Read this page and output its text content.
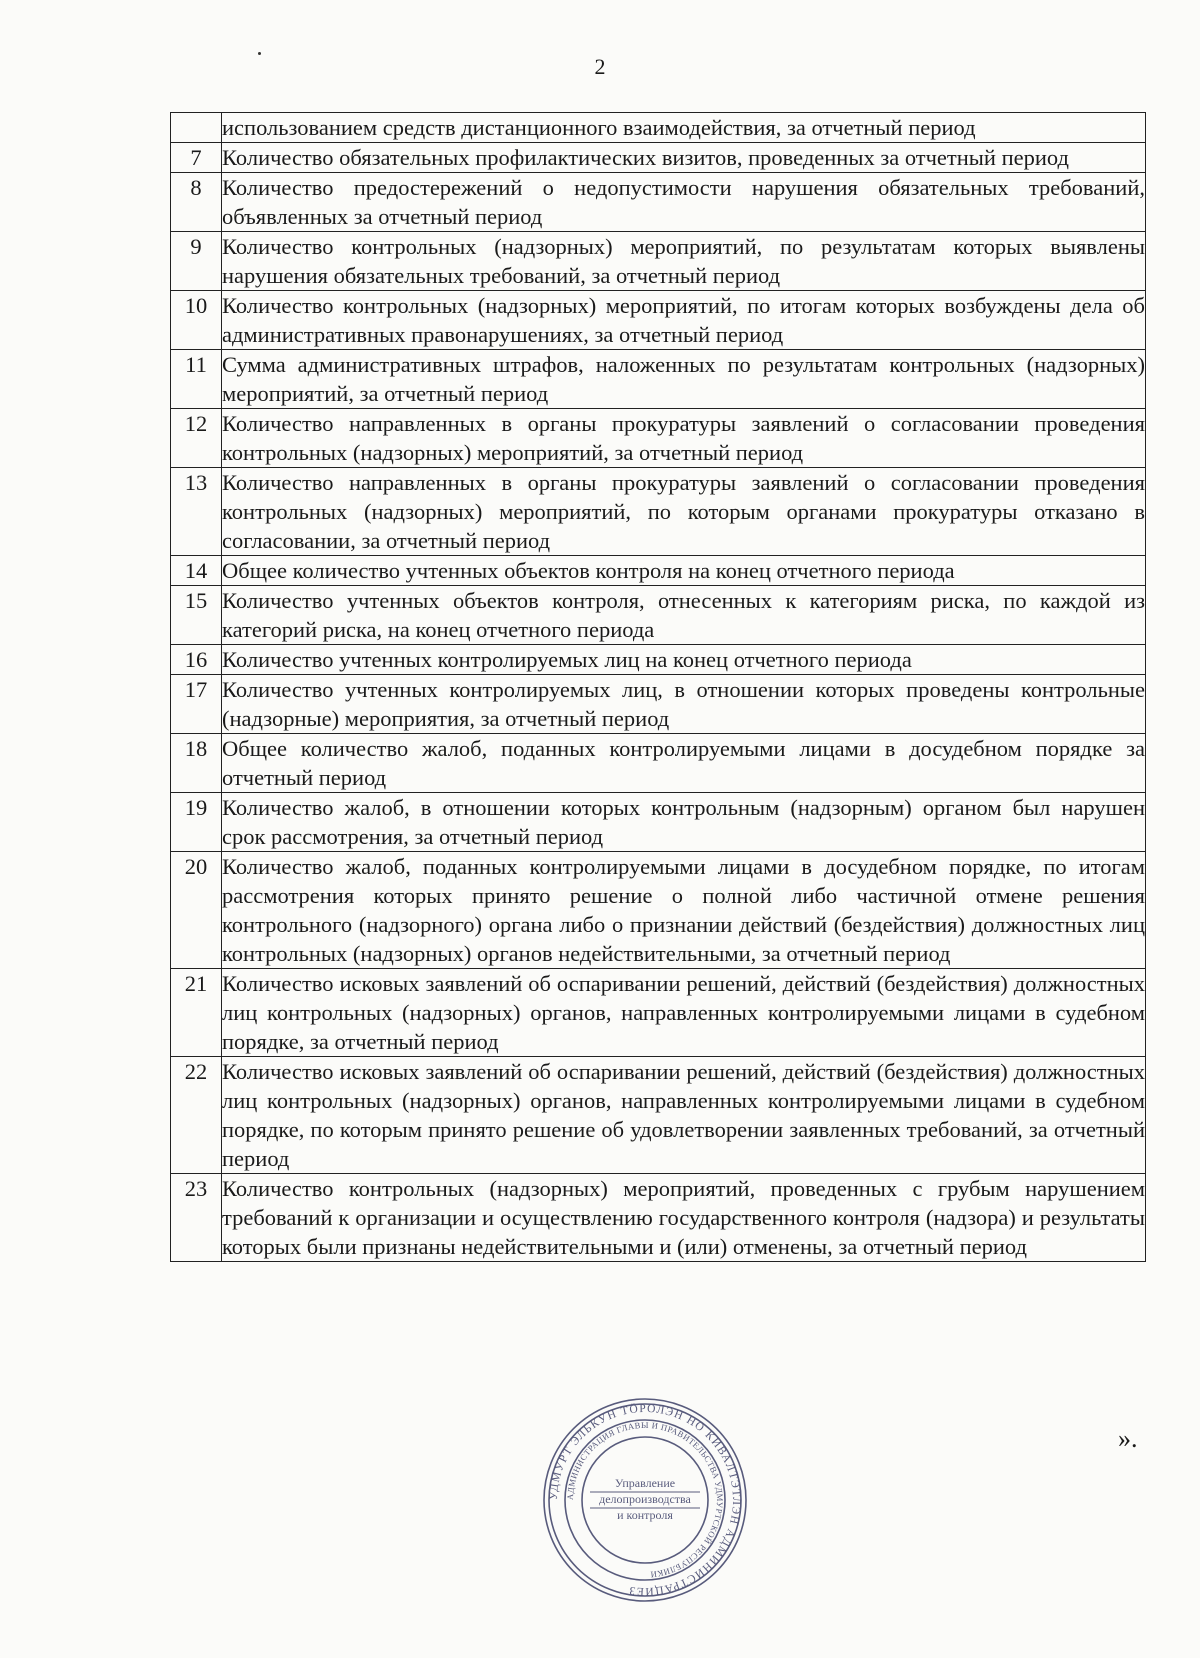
2
	использованием средств дистанционного взаимодействия, за отчетный период
7	Количество обязательных профилактических визитов, проведенных за отчетный период
8	Количество предостережений о недопустимости нарушения обязательных требований, объявленных за отчетный период
9	Количество контрольных (надзорных) мероприятий, по результатам которых выявлены нарушения обязательных требований, за отчетный период
10	Количество контрольных (надзорных) мероприятий, по итогам которых возбуждены дела об административных правонарушениях, за отчетный период
11	Сумма административных штрафов, наложенных по результатам контрольных (надзорных) мероприятий, за отчетный период
12	Количество направленных в органы прокуратуры заявлений о согласовании проведения контрольных (надзорных) мероприятий, за отчетный период
13	Количество направленных в органы прокуратуры заявлений о согласовании проведения контрольных (надзорных) мероприятий, по которым органами прокуратуры отказано в согласовании, за отчетный период
14	Общее количество учтенных объектов контроля на конец отчетного периода
15	Количество учтенных объектов контроля, отнесенных к категориям риска, по каждой из категорий риска, на конец отчетного периода
16	Количество учтенных контролируемых лиц на конец отчетного периода
17	Количество учтенных контролируемых лиц, в отношении которых проведены контрольные (надзорные) мероприятия, за отчетный период
18	Общее количество жалоб, поданных контролируемыми лицами в досудебном порядке за отчетный период
19	Количество жалоб, в отношении которых контрольным (надзорным) органом был нарушен срок рассмотрения, за отчетный период
20	Количество жалоб, поданных контролируемыми лицами в досудебном порядке, по итогам рассмотрения которых принято решение о полной либо частичной отмене решения контрольного (надзорного) органа либо о признании действий (бездействия) должностных лиц контрольных (надзорных) органов недействительными, за отчетный период
21	Количество исковых заявлений об оспаривании решений, действий (бездействия) должностных лиц контрольных (надзорных) органов, направленных контролируемыми лицами в судебном порядке, за отчетный период
22	Количество исковых заявлений об оспаривании решений, действий (бездействия) должностных лиц контрольных (надзорных) органов, направленных контролируемыми лицами в судебном порядке, по которым принято решение об удовлетворении заявленных требований, за отчетный период
23	Количество контрольных (надзорных) мероприятий, проведенных с грубым нарушением требований к организации и осуществлению государственного контроля (надзора) и результаты которых были признаны недействительными и (или) отменены, за отчетный период
».
УДМУРТ ЭЛЬКУН ТÖРОЛЭН НО КИВАЛТЭТЛЭН АДМИНИСТРАЦИЕЗ
АДМИНИСТРАЦИЯ ГЛАВЫ И ПРАВИТЕЛЬСТВА УДМУРТСКОЙ РЕСПУБЛИКИ
Управление
делопроизводства
и контроля
